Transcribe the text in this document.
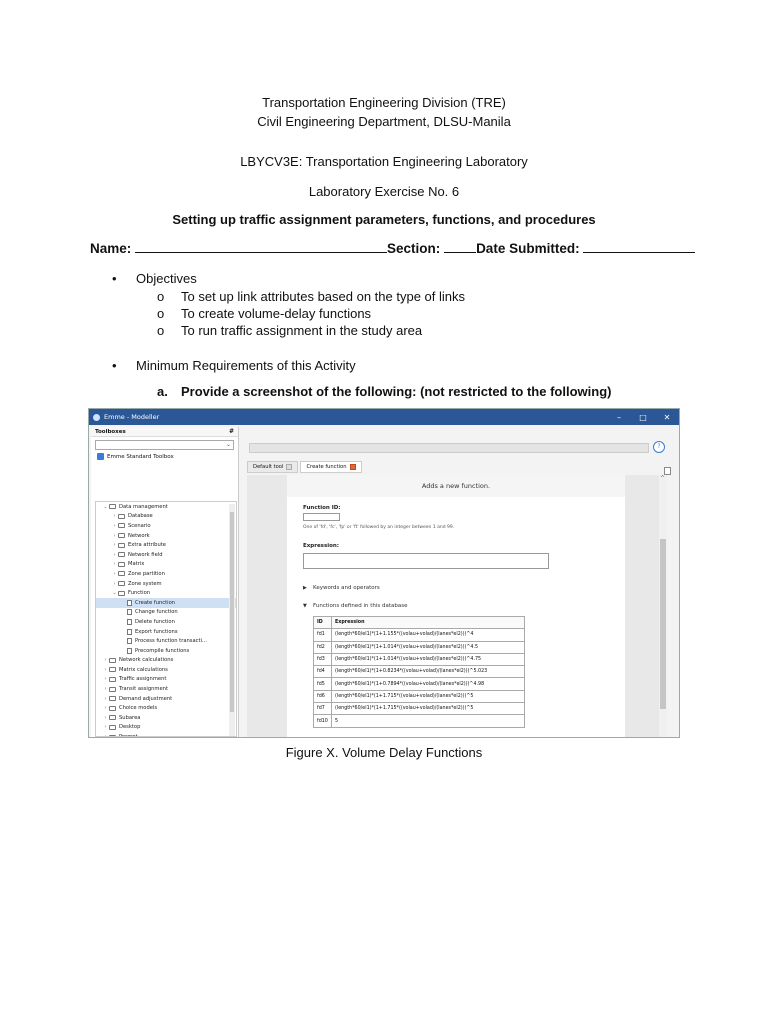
Transportation Engineering Division (TRE)
Civil Engineering Department, DLSU-Manila
LBYCV3E: Transportation Engineering Laboratory
Laboratory Exercise No. 6
Setting up traffic assignment parameters, functions, and procedures
Name:	Section:	Date Submitted:
• Objectives
o To set up link attributes based on the type of links
o To create volume-delay functions
o To run traffic assignment in the study area
• Minimum Requirements of this Activity
a. Provide a screenshot of the following: (not restricted to the following)
Emme - Modeller	–	□	✕
Toolboxes	#
⌄
Emme Standard Toolbox
⌄ Data management
›	Database
›	Scenario
›	Network
›	Extra attribute
›	Network field
›	Matrix
›	Zone partition
›	Zone system
⌄ Function
Create function
Change function
Delete function
Export functions
Process function transacti...
Precompile functions
›	Network calculations
›	Matrix calculations
›	Traffic assignment
›	Transit assignment
›	Demand adjustment
›	Choice models
›	Subarea
›	Desktop
?
Default tool	Create function
Adds a new function.
Function ID:
One of 'fd', 'fc', 'fp' or 'ft' followed by an integer between 1 and 99.
Expression:
▶ Keywords and operators
▼ Functions defined in this database
ID	Expression
fd1	(length*60/el1)*(1+1.155*((volau+volad)/(lanes*el2)))^4
fd2	(length*60/el1)*(1+1.014*((volau+volad)/(lanes*el2)))^4.5
fd3	(length*60/el1)*(1+1.014*((volau+volad)/(lanes*el2)))^4.75
fd4	(length*60/el1)*(1+0.8234*((volau+volad)/(lanes*el2)))^5.023
fd5	(length*60/el1)*(1+0.7894*((volau+volad)/(lanes*el2)))^4.98
fd6	(length*60/el1)*(1+1.715*((volau+volad)/(lanes*el2)))^5
fd7	(length*60/el1)*(1+1.715*((volau+volad)/(lanes*el2)))^5
fd10	5
^
Figure X. Volume Delay Functions
